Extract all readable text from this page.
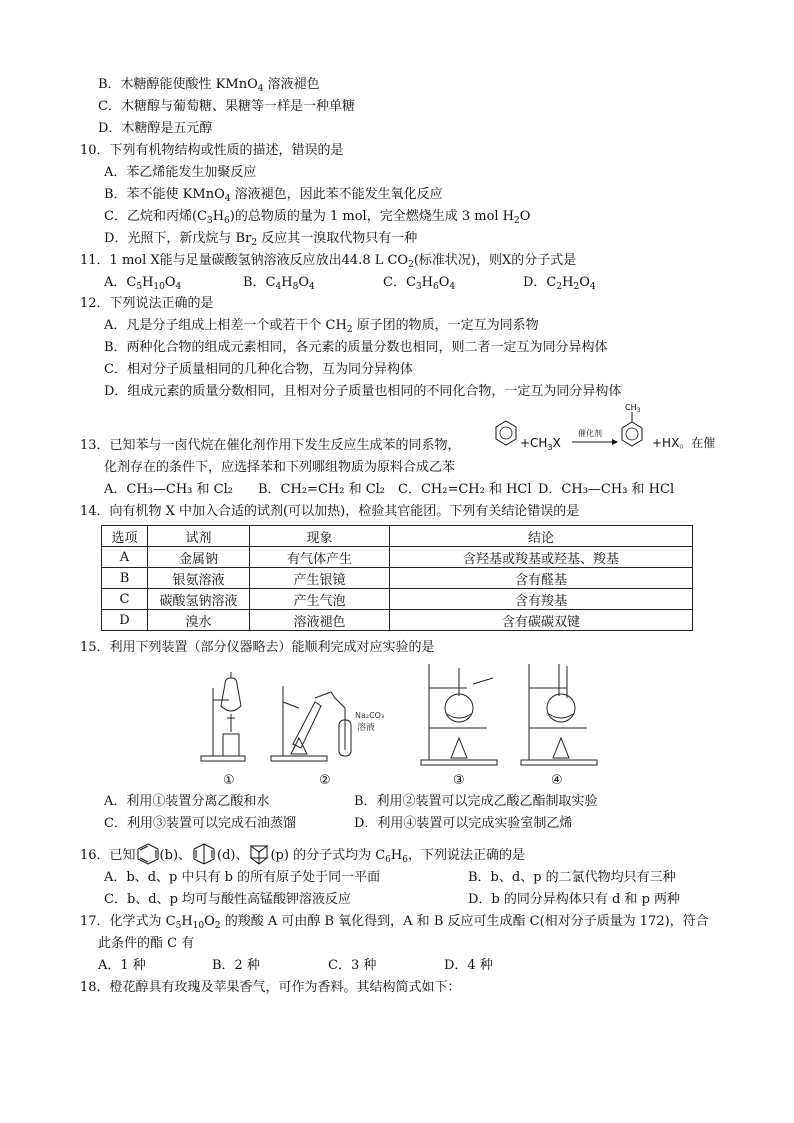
B．木糖醇能使酸性 KMnO$_4$ 溶液褪色
C．木糖醇与葡萄糖、果糖等一样是一种单糖
D．木糖醇是五元醇
10．下列有机物结构或性质的描述，错误的是
A．苯乙烯能发生加聚反应
B．苯不能使 KMnO$_4$ 溶液褪色，因此苯不能发生氧化反应
C．乙烷和丙烯$(C_3H_6)$的总物质的量为 1 mol，完全燃烧生成 3 mol $H_2O$
D．光照下，新戊烷与 $Br_2$ 反应其一溴取代物只有一种
11．1 mol X能与足量碳酸氢钠溶液反应放出44.8 L $CO_2$(标准状况)，则X的分子式是
A．$C_5H_{10}O_4$	B．$C_4H_8O_4$	C．$C_3H_6O_4$	D．$C_2H_2O_4$
12．下列说法正确的是
A．凡是分子组成上相差一个或若干个 $CH_2$ 原子团的物质，一定互为同系物
B．两种化合物的组成元素相同，各元素的质量分数也相同，则二者一定互为同分异构体
C．相对分子质量相同的几种化合物，互为同分异构体
D．组成元素的质量分数相同，且相对分子质量也相同的不同化合物，一定互为同分异构体
13．已知苯与一卤代烷在催化剂作用下发生反应生成苯的同系物，	$+CH_3X$
催化剂
$CH_3$
+HX。在催
化剂存在的条件下，应选择苯和下列哪组物质为原料合成乙苯
A．CH₃—CH₃ 和 Cl₂ B．CH₂=CH₂ 和 Cl₂ C．CH₂=CH₂ 和 HCl D．CH₃—CH₃ 和 HCl
14．向有机物 X 中加入合适的试剂(可以加热)，检验其官能团。下列有关结论错误的是
选项	试剂	现象	结论
A	金属钠	有气体产生	含羟基或羧基或羟基、羧基
B	银氨溶液	产生银镜	含有醛基
C	碳酸氢钠溶液	产生气泡	含有羧基
D	溴水	溶液褪色	含有碳碳双键
15．利用下列装置（部分仪器略去）能顺利完成对应实验的是
①
Na₂CO₃
溶液
②	③	④
A．利用①装置分离乙酸和水	B．利用②装置可以完成乙酸乙酯制取实验
C．利用③装置可以完成石油蒸馏	D．利用④装置可以完成实验室制乙烯
16．已知 (b)、 (d)、 (p) 的分子式均为 $C_6H_6$，下列说法正确的是
A．b、d、p 中只有 b 的所有原子处于同一平面	B．b、d、p 的二氯代物均只有三种
C．b、d、p 均可与酸性高锰酸钾溶液反应	D．b 的同分异构体只有 d 和 p 两种
17．化学式为 $C_5H_{10}O_2$ 的羧酸 A 可由醇 B 氧化得到，A 和 B 反应可生成酯 C(相对分子质量为 172)，符合
此条件的酯 C 有
A．1 种	B．2 种	C．3 种	D．4 种
18．橙花醇具有玫瑰及苹果香气，可作为香料。其结构简式如下：
